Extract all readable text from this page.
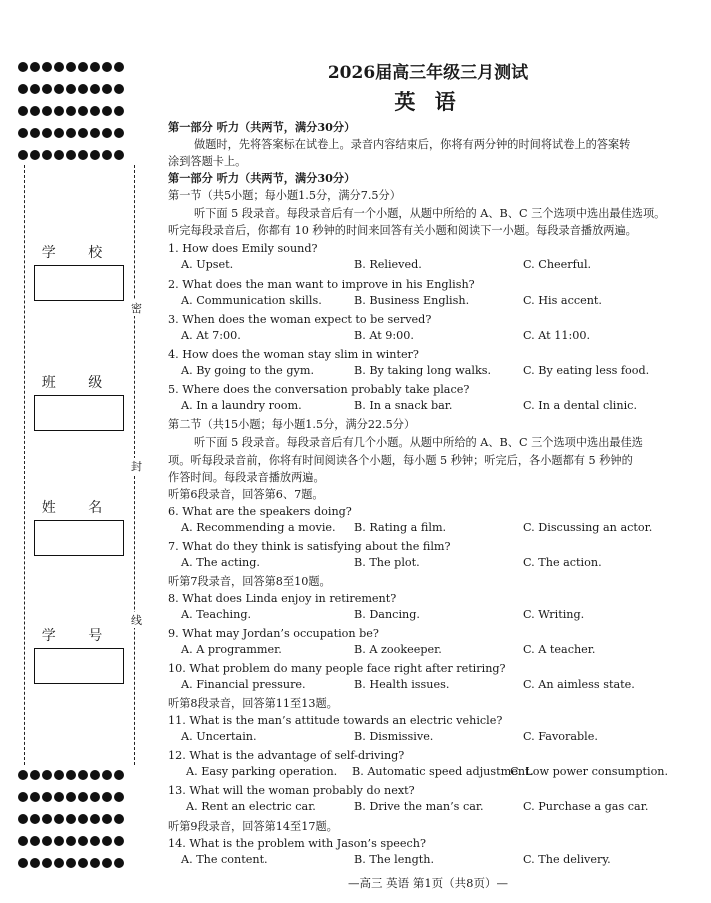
学 校
班 级
姓 名
学 号
密
封
线
2026届高三年级三月测试
英 语
第一部分 听力（共两节，满分30分）
做题时，先将答案标在试卷上。录音内容结束后，你将有两分钟的时间将试卷上的答案转
涂到答题卡上。
第一部分 听力（共两节，满分30分）
第一节（共5小题；每小题1.5分，满分7.5分）
听下面 5 段录音。每段录音后有一个小题，从题中所给的 A、B、C 三个选项中选出最佳选项。
听完每段录音后，你都有 10 秒钟的时间来回答有关小题和阅读下一小题。每段录音播放两遍。
1. How does Emily sound?
A. Upset.	B. Relieved.	C. Cheerful.
2. What does the man want to improve in his English?
A. Communication skills.	B. Business English.	C. His accent.
3. When does the woman expect to be served?
A. At 7:00.	B. At 9:00.	C. At 11:00.
4. How does the woman stay slim in winter?
A. By going to the gym.	B. By taking long walks.	C. By eating less food.
5. Where does the conversation probably take place?
A. In a laundry room.	B. In a snack bar.	C. In a dental clinic.
第二节（共15小题；每小题1.5分，满分22.5分）
听下面 5 段录音。每段录音后有几个小题。从题中所给的 A、B、C 三个选项中选出最佳选
项。听每段录音前，你将有时间阅读各个小题，每小题 5 秒钟；听完后，各小题都有 5 秒钟的
作答时间。每段录音播放两遍。
听第6段录音，回答第6、7题。
6. What are the speakers doing?
A. Recommending a movie. B. Rating a film.	C. Discussing an actor.
7. What do they think is satisfying about the film?
A. The acting.	B. The plot.	C. The action.
听第7段录音，回答第8至10题。
8. What does Linda enjoy in retirement?
A. Teaching.	B. Dancing.	C. Writing.
9. What may Jordan’s occupation be?
A. A programmer.	B. A zookeeper.	C. A teacher.
10. What problem do many people face right after retiring?
A. Financial pressure.	B. Health issues.	C. An aimless state.
听第8段录音，回答第11至13题。
11. What is the man’s attitude towards an electric vehicle?
A. Uncertain.	B. Dismissive.	C. Favorable.
12. What is the advantage of self-driving?
A. Easy parking operation. B. Automatic speed adjustment.
C. Low power consumption.
13. What will the woman probably do next?
A. Rent an electric car.	B. Drive the man’s car.	C. Purchase a gas car.
听第9段录音，回答第14至17题。
14. What is the problem with Jason’s speech?
A. The content.	B. The length.	C. The delivery.
—高三 英语 第1页（共8页）—
